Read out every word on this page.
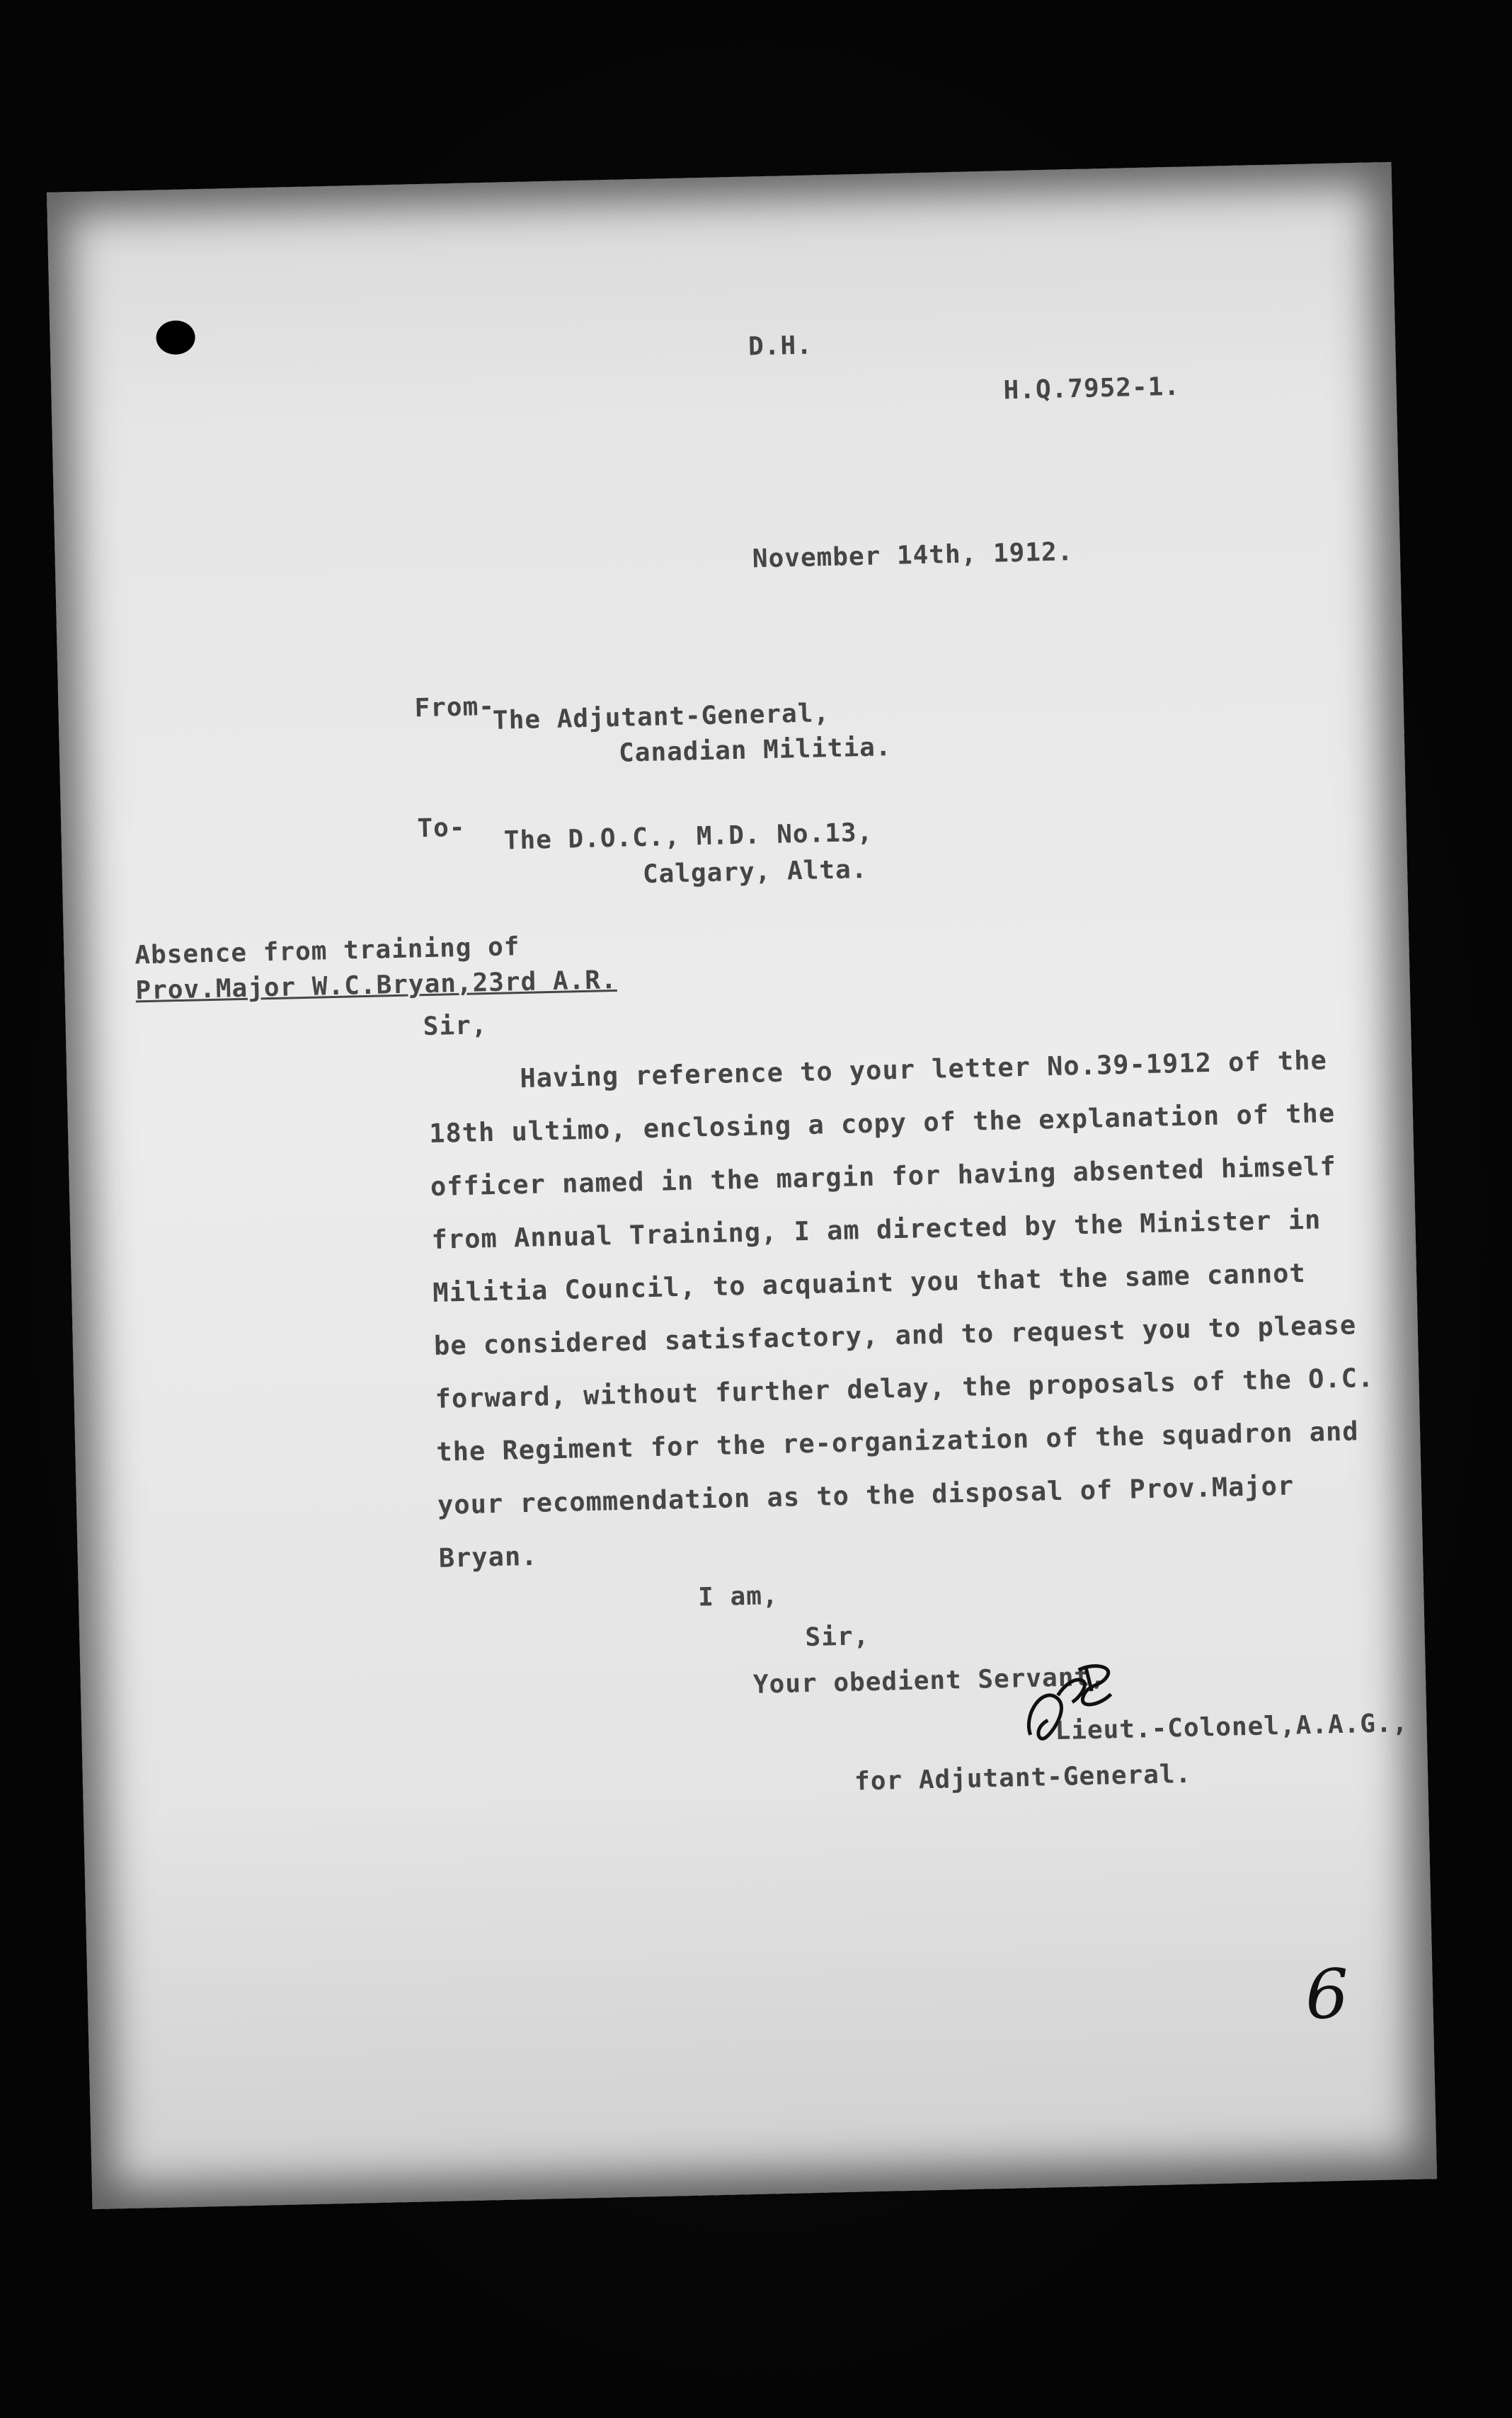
D.H.
H.Q.7952-1.
November 14th, 1912.
From-
The Adjutant-General,
Canadian Militia.
To- The D.O.C., M.D. No.13,
Calgary, Alta.
Absence from training of
Prov.Major W.C.Bryan,23rd A.R.
Sir,
Having reference to your letter No.39-1912 of the
18th ultimo, enclosing a copy of the explanation of the
officer named in the margin for having absented himself
from Annual Training, I am directed by the Minister in
Militia Council, to acquaint you that the same cannot
be considered satisfactory, and to request you to please
forward, without further delay, the proposals of the O.C.
the Regiment for the re-organization of the squadron and
your recommendation as to the disposal of Prov.Major
Bryan.
I am,
Sir,
Your obedient Servant,
Lieut.-Colonel,A.A.G.,
for Adjutant-General.
6
